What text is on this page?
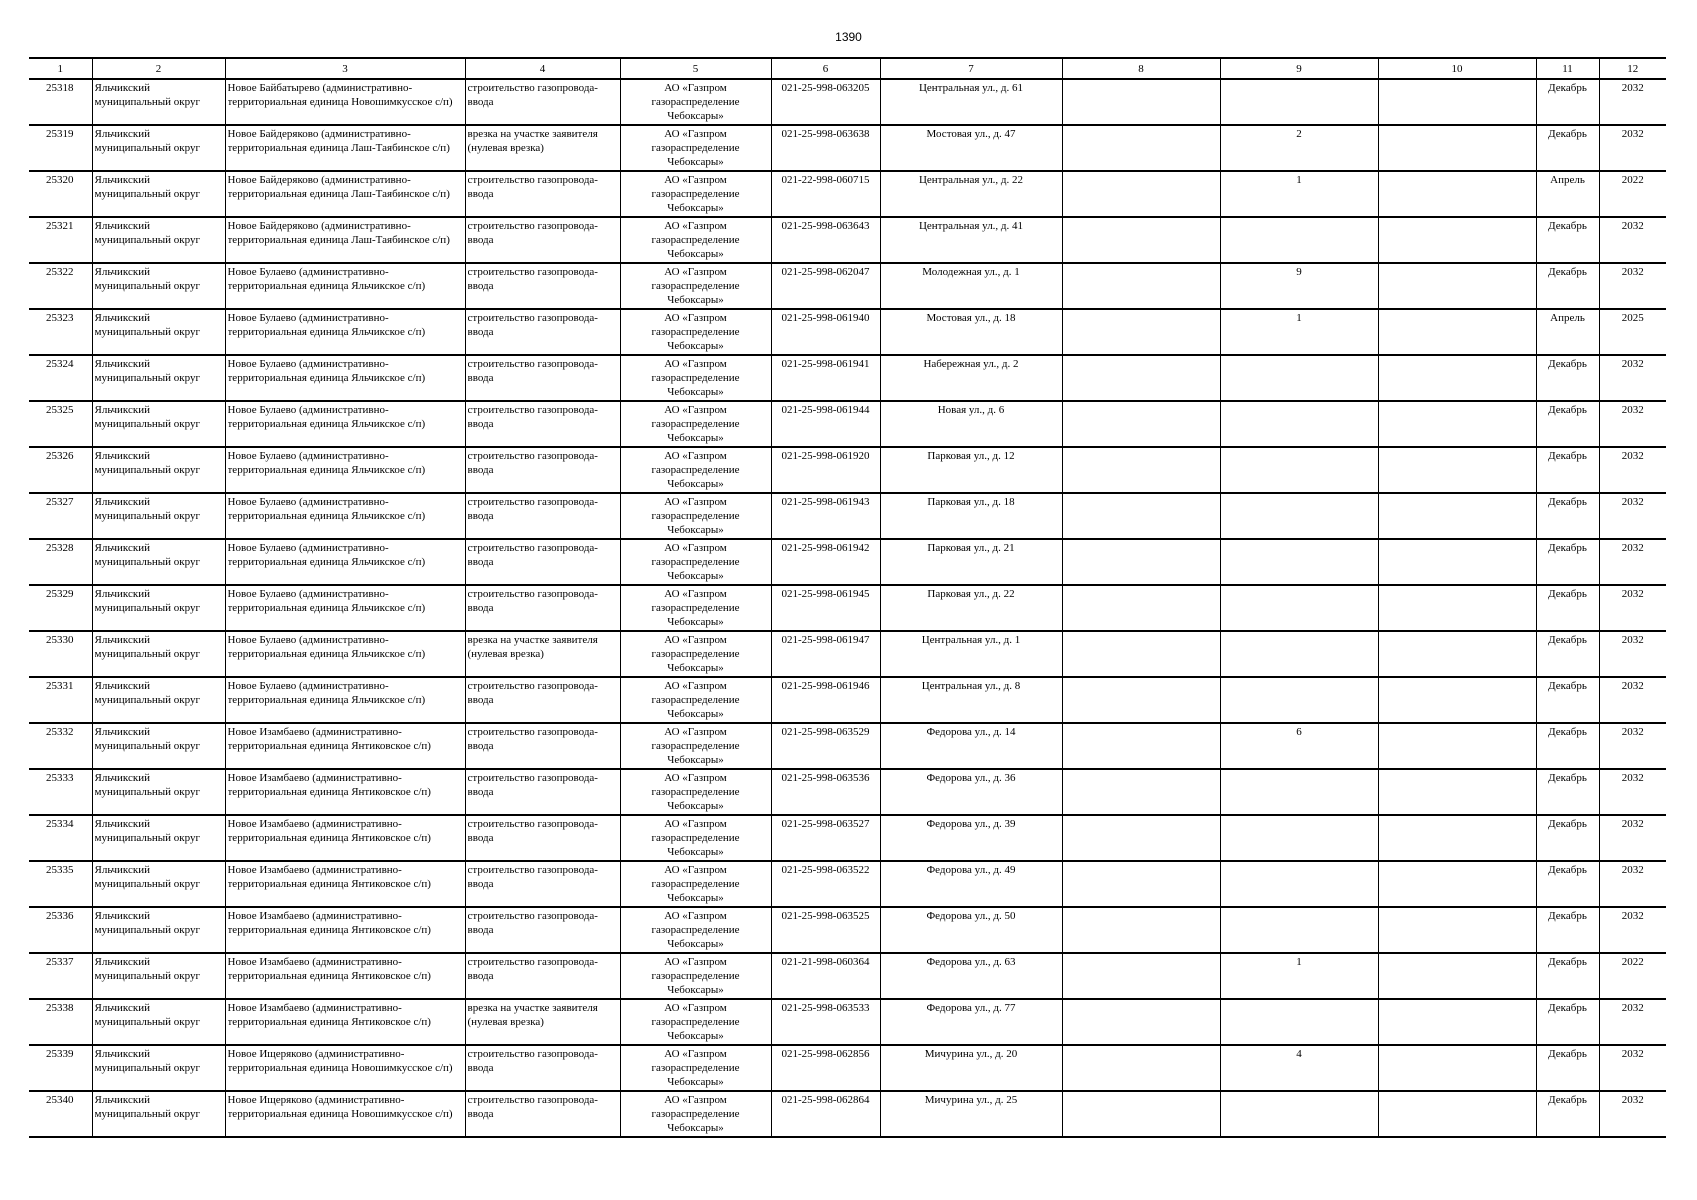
1390
1	2	3	4	5	6	7	8	9	10	11	12

25318	Яльчикский муниципальный округ	Новое Байбатырево (административно-территориальная единица Новошимкусское с/п)	строительство газопровода-ввода	АО «Газпром газораспределение Чебоксары»	021-25-998-063205	Центральная ул., д. 61				Декабрь	2032

25319	Яльчикский муниципальный округ	Новое Байдеряково (административно-территориальная единица Лаш-Таябинское с/п)	врезка на участке заявителя (нулевая врезка)	АО «Газпром газораспределение Чебоксары»	021-25-998-063638	Мостовая ул., д. 47		2		Декабрь	2032

25320	Яльчикский муниципальный округ	Новое Байдеряково (административно-территориальная единица Лаш-Таябинское с/п)	строительство газопровода-ввода	АО «Газпром газораспределение Чебоксары»	021-22-998-060715	Центральная ул., д. 22		1		Апрель	2022

25321	Яльчикский муниципальный округ	Новое Байдеряково (административно-территориальная единица Лаш-Таябинское с/п)	строительство газопровода-ввода	АО «Газпром газораспределение Чебоксары»	021-25-998-063643	Центральная ул., д. 41				Декабрь	2032

25322	Яльчикский муниципальный округ	Новое Булаево (административно-территориальная единица Яльчикское с/п)	строительство газопровода-ввода	АО «Газпром газораспределение Чебоксары»	021-25-998-062047	Молодежная ул., д. 1		9		Декабрь	2032

25323	Яльчикский муниципальный округ	Новое Булаево (административно-территориальная единица Яльчикское с/п)	строительство газопровода-ввода	АО «Газпром газораспределение Чебоксары»	021-25-998-061940	Мостовая ул., д. 18		1		Апрель	2025

25324	Яльчикский муниципальный округ	Новое Булаево (административно-территориальная единица Яльчикское с/п)	строительство газопровода-ввода	АО «Газпром газораспределение Чебоксары»	021-25-998-061941	Набережная ул., д. 2				Декабрь	2032

25325	Яльчикский муниципальный округ	Новое Булаево (административно-территориальная единица Яльчикское с/п)	строительство газопровода-ввода	АО «Газпром газораспределение Чебоксары»	021-25-998-061944	Новая ул., д. 6				Декабрь	2032

25326	Яльчикский муниципальный округ	Новое Булаево (административно-территориальная единица Яльчикское с/п)	строительство газопровода-ввода	АО «Газпром газораспределение Чебоксары»	021-25-998-061920	Парковая ул., д. 12				Декабрь	2032

25327	Яльчикский муниципальный округ	Новое Булаево (административно-территориальная единица Яльчикское с/п)	строительство газопровода-ввода	АО «Газпром газораспределение Чебоксары»	021-25-998-061943	Парковая ул., д. 18				Декабрь	2032

25328	Яльчикский муниципальный округ	Новое Булаево (административно-территориальная единица Яльчикское с/п)	строительство газопровода-ввода	АО «Газпром газораспределение Чебоксары»	021-25-998-061942	Парковая ул., д. 21				Декабрь	2032

25329	Яльчикский муниципальный округ	Новое Булаево (административно-территориальная единица Яльчикское с/п)	строительство газопровода-ввода	АО «Газпром газораспределение Чебоксары»	021-25-998-061945	Парковая ул., д. 22				Декабрь	2032

25330	Яльчикский муниципальный округ	Новое Булаево (административно-территориальная единица Яльчикское с/п)	врезка на участке заявителя (нулевая врезка)	АО «Газпром газораспределение Чебоксары»	021-25-998-061947	Центральная ул., д. 1				Декабрь	2032

25331	Яльчикский муниципальный округ	Новое Булаево (административно-территориальная единица Яльчикское с/п)	строительство газопровода-ввода	АО «Газпром газораспределение Чебоксары»	021-25-998-061946	Центральная ул., д. 8				Декабрь	2032

25332	Яльчикский муниципальный округ	Новое Изамбаево (административно-территориальная единица Янтиковское с/п)	строительство газопровода-ввода	АО «Газпром газораспределение Чебоксары»	021-25-998-063529	Федорова ул., д. 14		6		Декабрь	2032

25333	Яльчикский муниципальный округ	Новое Изамбаево (административно-территориальная единица Янтиковское с/п)	строительство газопровода-ввода	АО «Газпром газораспределение Чебоксары»	021-25-998-063536	Федорова ул., д. 36				Декабрь	2032

25334	Яльчикский муниципальный округ	Новое Изамбаево (административно-территориальная единица Янтиковское с/п)	строительство газопровода-ввода	АО «Газпром газораспределение Чебоксары»	021-25-998-063527	Федорова ул., д. 39				Декабрь	2032

25335	Яльчикский муниципальный округ	Новое Изамбаево (административно-территориальная единица Янтиковское с/п)	строительство газопровода-ввода	АО «Газпром газораспределение Чебоксары»	021-25-998-063522	Федорова ул., д. 49				Декабрь	2032

25336	Яльчикский муниципальный округ	Новое Изамбаево (административно-территориальная единица Янтиковское с/п)	строительство газопровода-ввода	АО «Газпром газораспределение Чебоксары»	021-25-998-063525	Федорова ул., д. 50				Декабрь	2032

25337	Яльчикский муниципальный округ	Новое Изамбаево (административно-территориальная единица Янтиковское с/п)	строительство газопровода-ввода	АО «Газпром газораспределение Чебоксары»	021-21-998-060364	Федорова ул., д. 63		1		Декабрь	2022

25338	Яльчикский муниципальный округ	Новое Изамбаево (административно-территориальная единица Янтиковское с/п)	врезка на участке заявителя (нулевая врезка)	АО «Газпром газораспределение Чебоксары»	021-25-998-063533	Федорова ул., д. 77				Декабрь	2032

25339	Яльчикский муниципальный округ	Новое Ищеряково (административно-территориальная единица Новошимкусское с/п)	строительство газопровода-ввода	АО «Газпром газораспределение Чебоксары»	021-25-998-062856	Мичурина ул., д. 20		4		Декабрь	2032

25340	Яльчикский муниципальный округ	Новое Ищеряково (административно-территориальная единица Новошимкусское с/п)	строительство газопровода-ввода	АО «Газпром газораспределение Чебоксары»	021-25-998-062864	Мичурина ул., д. 25				Декабрь	2032
